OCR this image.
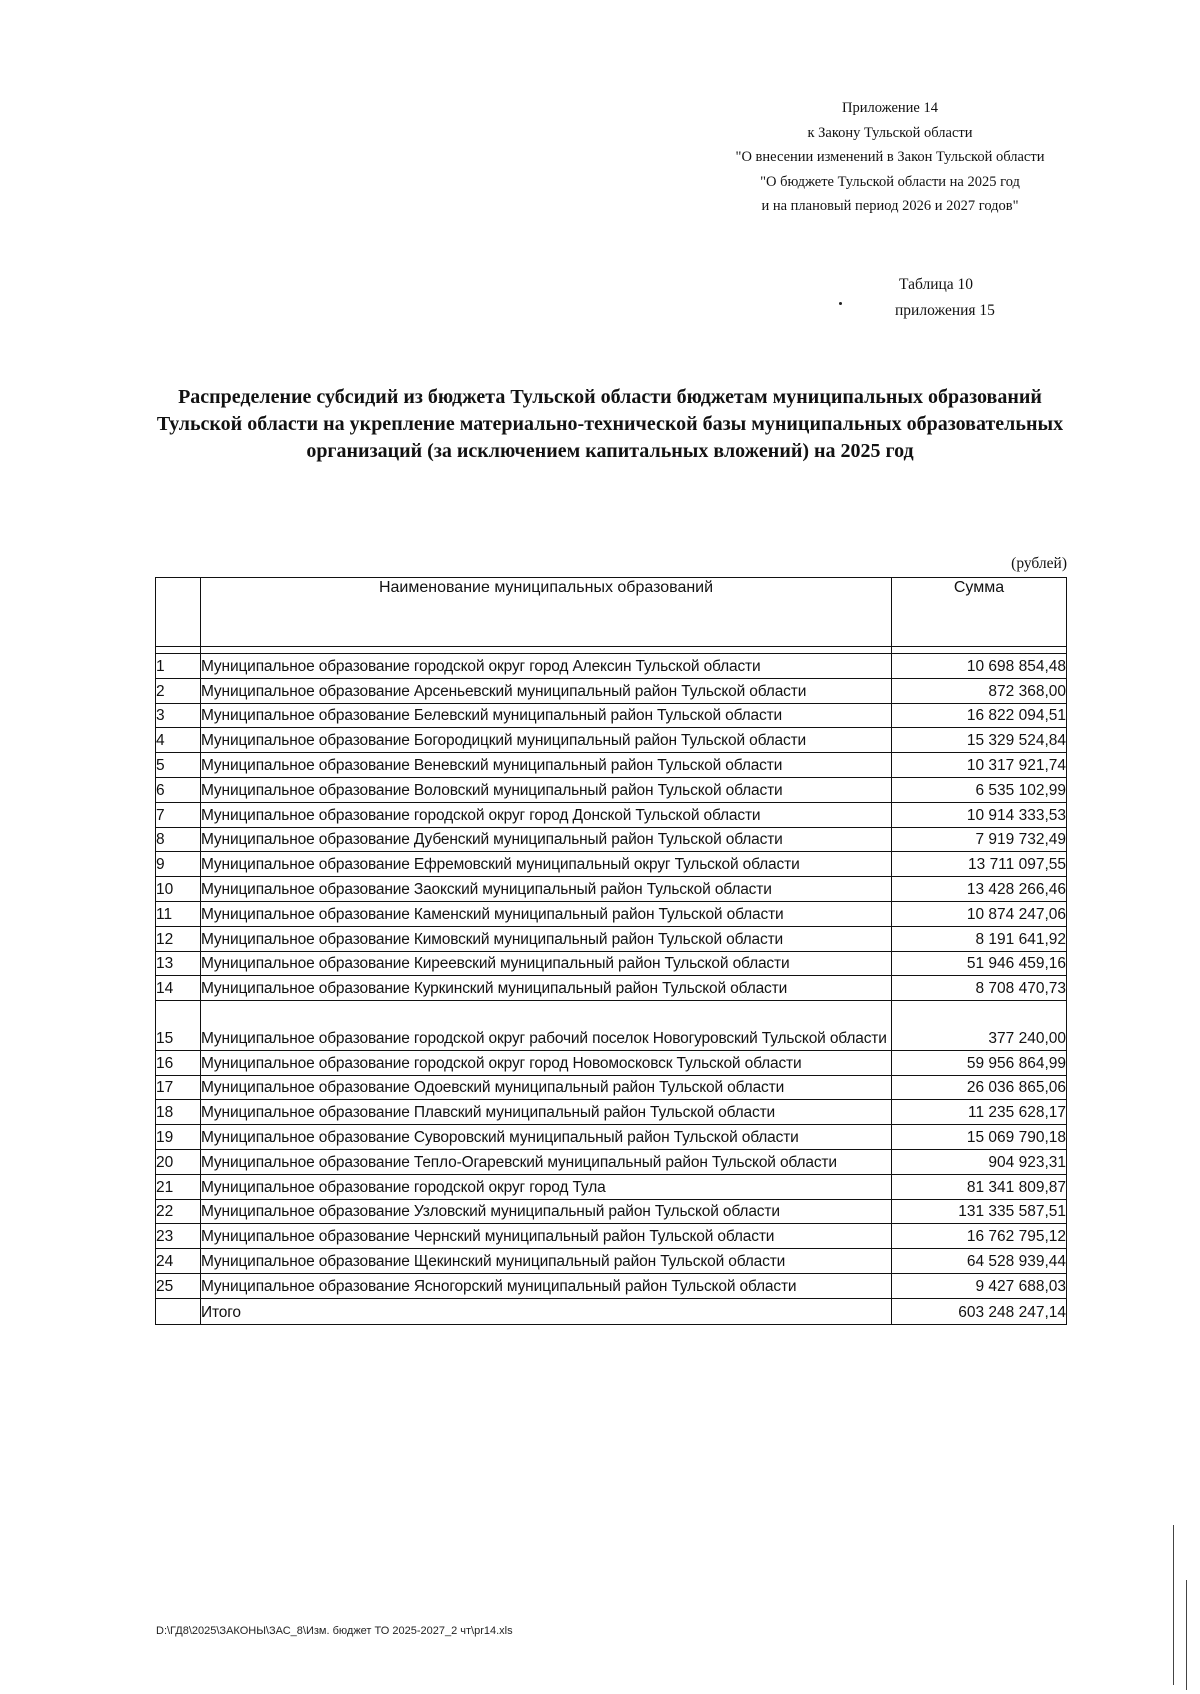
Приложение 14
к Закону Тульской области
"О внесении изменений в Закон Тульской области
"О бюджете Тульской области на 2025 год
и на плановый период 2026 и 2027 годов"
Таблица 10
приложения 15
Распределение субсидий из бюджета Тульской области бюджетам муниципальных образований Тульской области на укрепление материально-технической базы муниципальных образовательных организаций (за исключением капитальных вложений) на 2025 год
(рублей)
	Наименование муниципальных образований	Сумма

1	Муниципальное образование городской округ город Алексин Тульской области	10 698 854,48
2	Муниципальное образование Арсеньевский муниципальный район Тульской области	872 368,00
3	Муниципальное образование Белевский муниципальный район Тульской области	16 822 094,51
4	Муниципальное образование Богородицкий муниципальный район Тульской области	15 329 524,84
5	Муниципальное образование Веневский муниципальный район Тульской области	10 317 921,74
6	Муниципальное образование Воловский муниципальный район Тульской области	6 535 102,99
7	Муниципальное образование городской округ город Донской Тульской области	10 914 333,53
8	Муниципальное образование Дубенский муниципальный район Тульской области	7 919 732,49
9	Муниципальное образование Ефремовский муниципальный округ Тульской области	13 711 097,55
10	Муниципальное образование Заокский муниципальный район Тульской области	13 428 266,46
11	Муниципальное образование Каменский муниципальный район Тульской области	10 874 247,06
12	Муниципальное образование Кимовский муниципальный район Тульской области	8 191 641,92
13	Муниципальное образование Киреевский муниципальный район Тульской области	51 946 459,16
14	Муниципальное образование Куркинский муниципальный район Тульской области	8 708 470,73
15	Муниципальное образование городской округ рабочий поселок Новогуровский Тульской области	377 240,00
16	Муниципальное образование городской округ город Новомосковск Тульской области	59 956 864,99
17	Муниципальное образование Одоевский муниципальный район Тульской области	26 036 865,06
18	Муниципальное образование Плавский муниципальный район Тульской области	11 235 628,17
19	Муниципальное образование Суворовский муниципальный район Тульской области	15 069 790,18
20	Муниципальное образование Тепло-Огаревский муниципальный район Тульской области	904 923,31
21	Муниципальное образование городской округ город Тула	81 341 809,87
22	Муниципальное образование Узловский муниципальный район Тульской области	131 335 587,51
23	Муниципальное образование Чернский муниципальный район Тульской области	16 762 795,12
24	Муниципальное образование Щекинский муниципальный район Тульской области	64 528 939,44
25	Муниципальное образование Ясногорский муниципальный район Тульской области	9 427 688,03
	Итого	603 248 247,14
D:\ГД8\2025\ЗАКОНЫ\ЗАС_8\Изм. бюджет ТО 2025-2027_2 чт\pr14.xls
